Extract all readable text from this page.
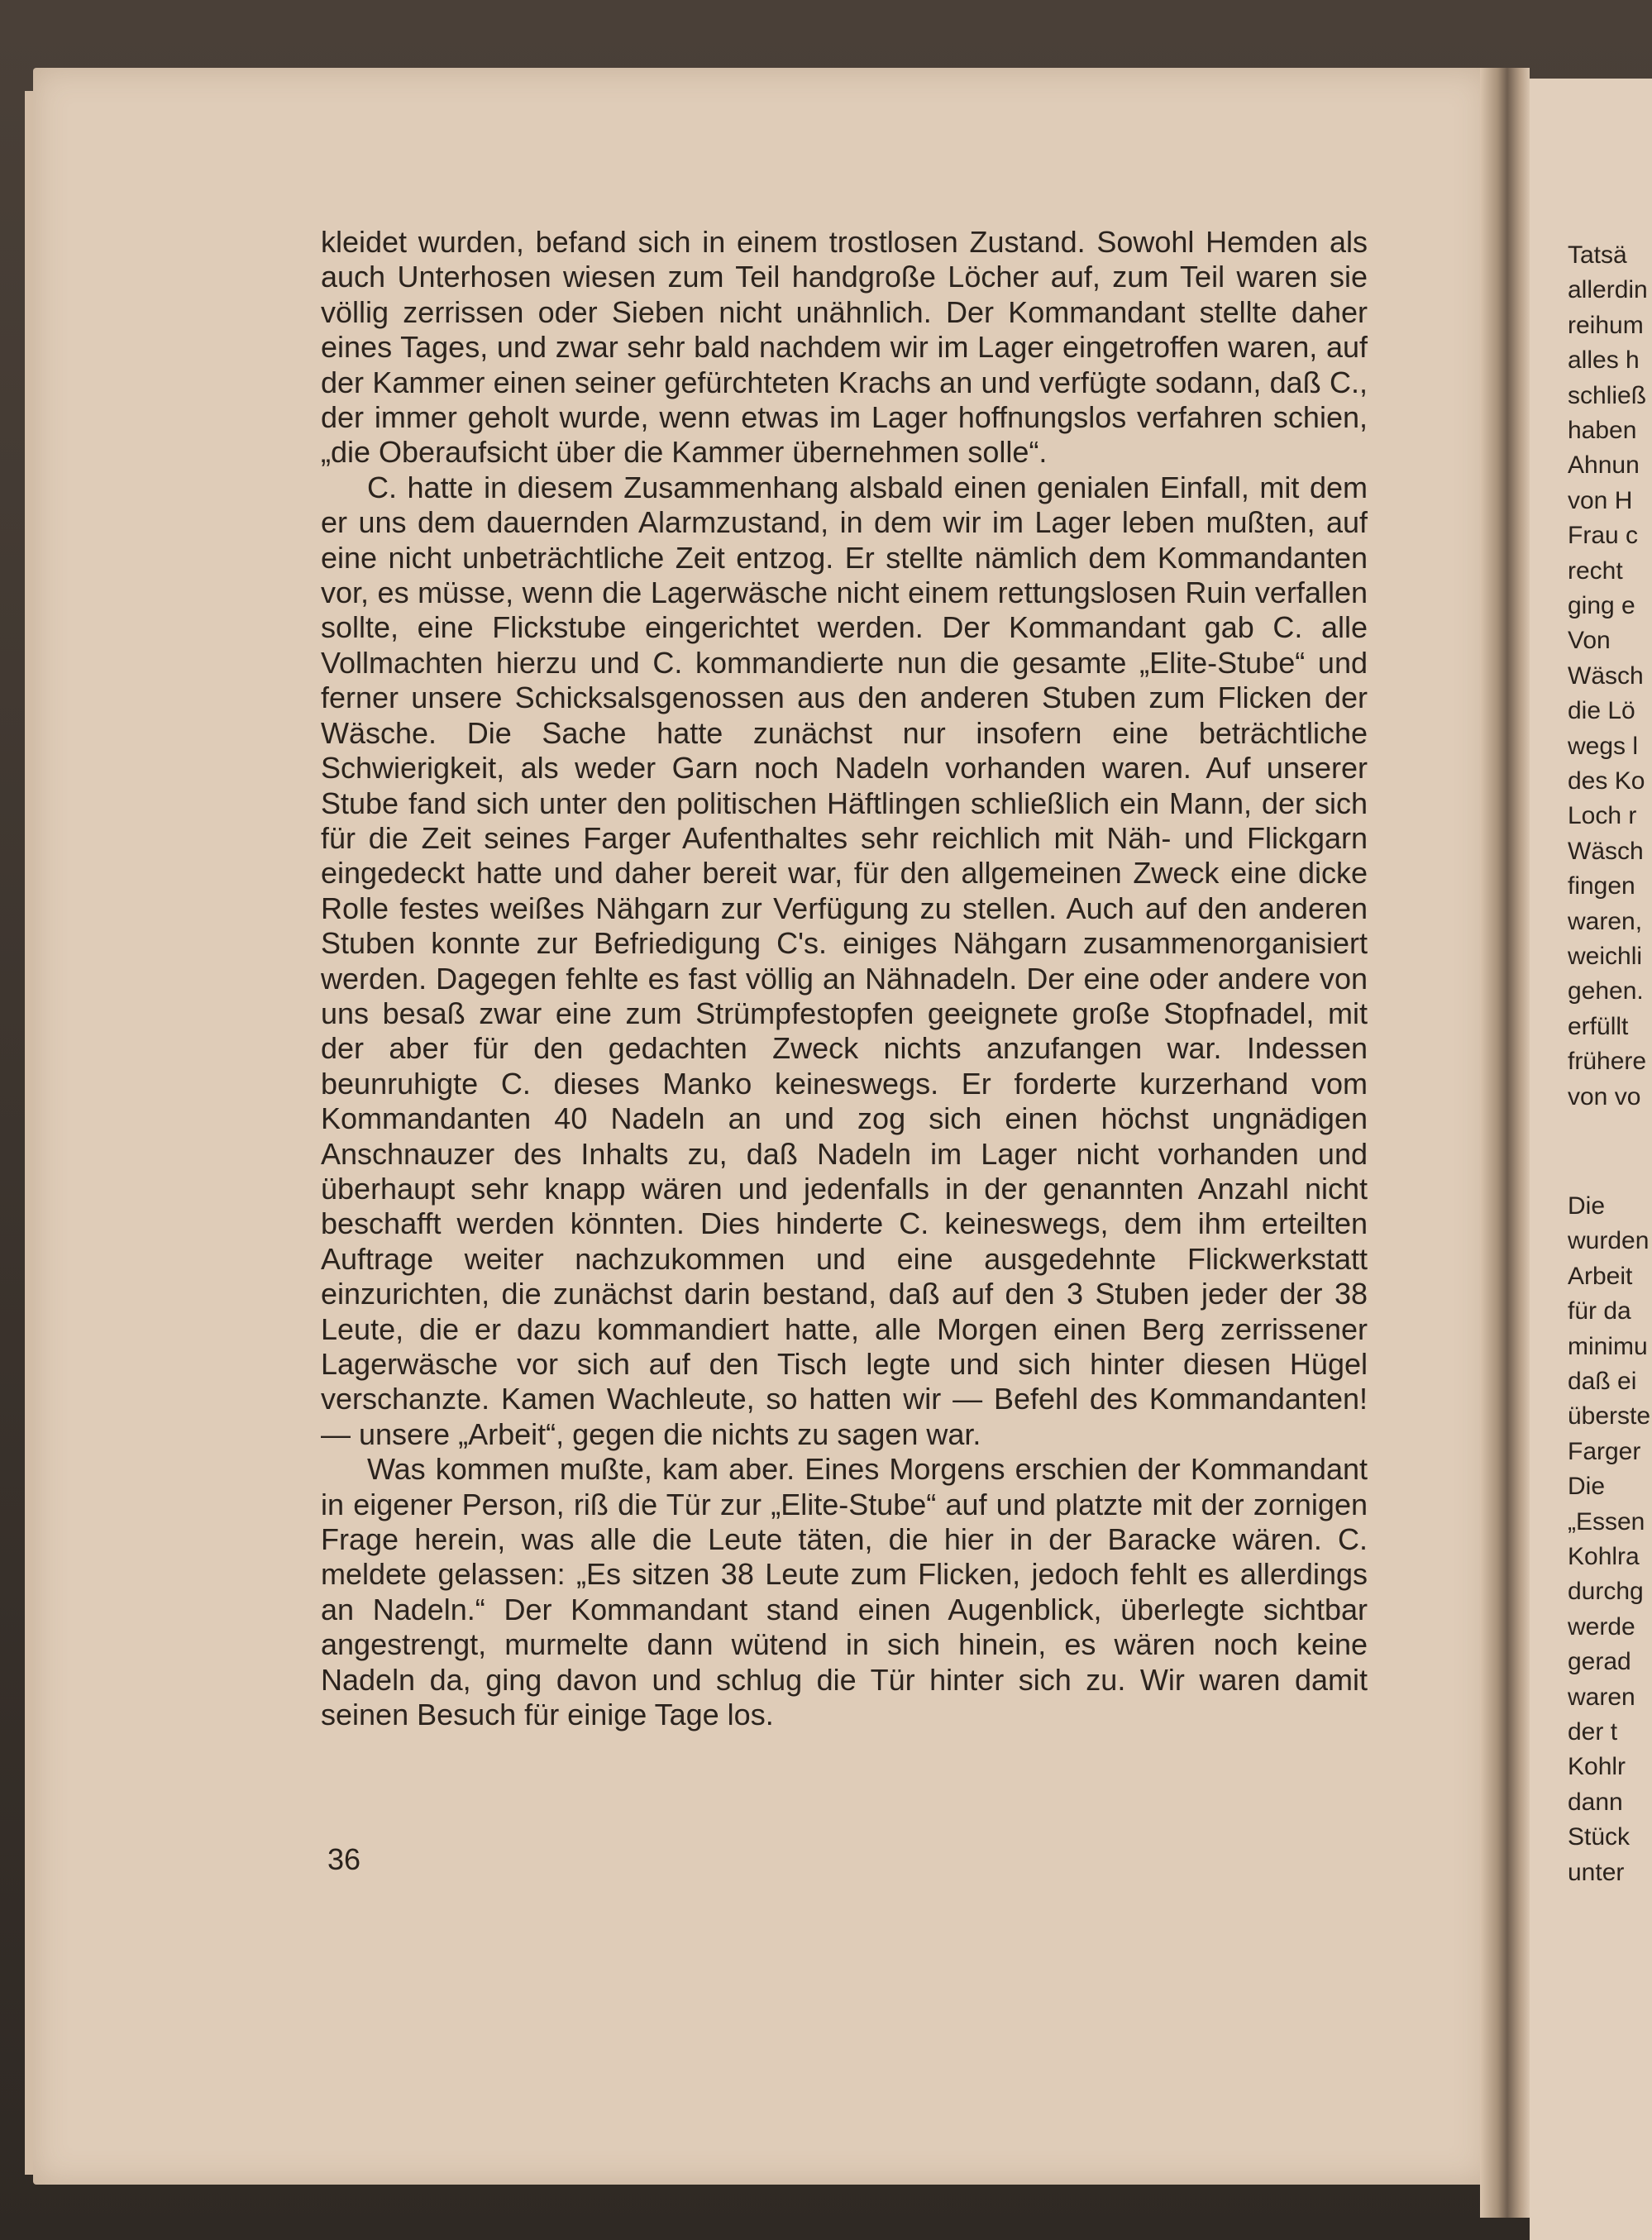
kleidet wurden, befand sich in einem trostlosen Zustand. Sowohl Hemden als auch Unterhosen wiesen zum Teil handgroße Löcher auf, zum Teil waren sie völlig zerrissen oder Sieben nicht unähnlich. Der Kommandant stellte daher eines Tages, und zwar sehr bald nachdem wir im Lager eingetroffen waren, auf der Kammer einen seiner gefürchteten Krachs an und verfügte sodann, daß C., der immer geholt wurde, wenn etwas im Lager hoffnungslos verfahren schien, „die Oberaufsicht über die Kammer übernehmen solle“.

C. hatte in diesem Zusammenhang alsbald einen genialen Einfall, mit dem er uns dem dauernden Alarmzustand, in dem wir im Lager leben mußten, auf eine nicht unbeträchtliche Zeit entzog. Er stellte nämlich dem Kommandanten vor, es müsse, wenn die Lagerwäsche nicht einem rettungslosen Ruin verfallen sollte, eine Flickstube eingerichtet werden. Der Kommandant gab C. alle Vollmachten hierzu und C. kommandierte nun die gesamte „Elite-Stube“ und ferner unsere Schicksalsgenossen aus den anderen Stuben zum Flicken der Wäsche. Die Sache hatte zunächst nur insofern eine beträchtliche Schwierigkeit, als weder Garn noch Nadeln vorhanden waren. Auf unserer Stube fand sich unter den politischen Häftlingen schließlich ein Mann, der sich für die Zeit seines Farger Aufenthaltes sehr reichlich mit Näh- und Flickgarn eingedeckt hatte und daher bereit war, für den allgemeinen Zweck eine dicke Rolle festes weißes Nähgarn zur Verfügung zu stellen. Auch auf den anderen Stuben konnte zur Befriedigung C's. einiges Nähgarn zusammenorganisiert werden. Dagegen fehlte es fast völlig an Nähnadeln. Der eine oder andere von uns besaß zwar eine zum Strümpfestopfen geeignete große Stopfnadel, mit der aber für den gedachten Zweck nichts anzufangen war. Indessen beunruhigte C. dieses Manko keineswegs. Er forderte kurzerhand vom Kommandanten 40 Nadeln an und zog sich einen höchst ungnädigen Anschnauzer des Inhalts zu, daß Nadeln im Lager nicht vorhanden und überhaupt sehr knapp wären und jedenfalls in der genannten Anzahl nicht beschafft werden könnten. Dies hinderte C. keineswegs, dem ihm erteilten Auftrage weiter nachzukommen und eine ausgedehnte Flickwerkstatt einzurichten, die zunächst darin bestand, daß auf den 3 Stuben jeder der 38 Leute, die er dazu kommandiert hatte, alle Morgen einen Berg zerrissener Lagerwäsche vor sich auf den Tisch legte und sich hinter diesen Hügel verschanzte. Kamen Wachleute, so hatten wir — Befehl des Kommandanten! — unsere „Arbeit“, gegen die nichts zu sagen war.

Was kommen mußte, kam aber. Eines Morgens erschien der Kommandant in eigener Person, riß die Tür zur „Elite-Stube“ auf und platzte mit der zornigen Frage herein, was alle die Leute täten, die hier in der Baracke wären. C. meldete gelassen: „Es sitzen 38 Leute zum Flicken, jedoch fehlt es allerdings an Nadeln.“ Der Kommandant stand einen Augenblick, überlegte sichtbar angestrengt, murmelte dann wütend in sich hinein, es wären noch keine Nadeln da, ging davon und schlug die Tür hinter sich zu. Wir waren damit seinen Besuch für einige Tage los.

36
Tatsä
allerdin
reihum
alles h
schließ
haben
Ahnun
von H
Frau c
recht
ging e
Von
Wäsch
die Lö
wegs l
des Ko
Loch r
Wäsch
fingen
waren,
weichli
gehen.
erfüllt
frühere
von vo
Die
wurden
Arbeit
für da
minimu
daß ei
überste
Farger
Die
„Essen
Kohlra
durchg
werde
gerad
waren
der t
Kohlr
dann
Stück
unter
